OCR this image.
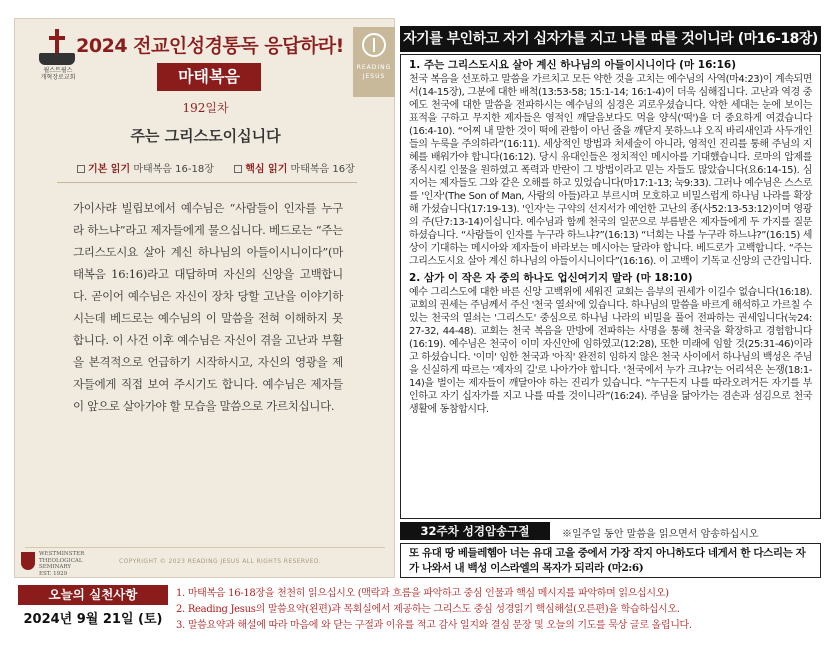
윌스트윌스
개혁장로교회
2024 전교인성경통독 응답하라!
마태복음
192일차
READING
JESUS
주는 그리스도이십니다
기본 읽기 마태복음 16-18장	핵심 읽기 마태복음 16장
가이사랴 빌립보에서 예수님은 “사람들이 인자를 누구라 하느냐”라고 제자들에게 물으십니다. 베드로는 “주는 그리스도시요 살아 계신 하나님의 아들이시니이다”(마태복음 16:16)라고 대답하며 자신의 신앙을 고백합니다. 곧이어 예수님은 자신이 장차 당할 고난을 이야기하시는데 베드로는 예수님의 이 말씀을 전혀 이해하지 못합니다. 이 사건 이후 예수님은 자신이 겪을 고난과 부활을 본격적으로 언급하기 시작하시고, 자신의 영광을 제자들에게 직접 보여 주시기도 합니다. 예수님은 제자들이 앞으로 살아가야 할 모습을 말씀으로 가르치십니다.
WESTMINSTER
THEOLOGICAL
SEMINARY
EST. 1929
COPYRIGHT © 2023 READING JESUS ALL RIGHTS RESERVED.
자기를 부인하고 자기 십자가를 지고 나를 따를 것이니라 (마16-18장)
1. 주는 그리스도시요 살아 계신 하나님의 아들이시니이다 (마 16:16)
천국 복음을 선포하고 말씀을 가르치고 모든 약한 것을 고치는 예수님의 사역(마4:23)이 계속되면서(14-15장), 그분에 대한 배척(13:53-58; 15:1-14; 16:1-4)이 더욱 심해집니다. 고난과 역경 중에도 천국에 대한 말씀을 전파하시는 예수님의 심경은 괴로우셨습니다. 악한 세대는 눈에 보이는 표적을 구하고 무지한 제자들은 영적인 깨달음보다도 먹을 양식('떡')을 더 중요하게 여겼습니다(16:4-10). “어찌 내 말한 것이 떡에 관함이 아닌 줄을 깨닫지 못하느냐 오직 바리새인과 사두개인들의 누룩을 주의하라”(16:11). 세상적인 방법과 처세술이 아니라, 영적인 진리를 통해 주님의 지혜를 배워가야 합니다(16:12). 당시 유대인들은 정치적인 메시아를 기대했습니다. 로마의 압제를 종식시킬 인물을 원하였고 폭력과 반란이 그 방법이라고 믿는 자들도 많았습니다(요6:14-15). 심지어는 제자들도 그와 같은 오해를 하고 있었습니다(마17:1-13; 눅9:33). 그러나 예수님은 스스로를 '인자'(The Son of Man, 사람의 아들)라고 부르시며 모호하고 비밀스럽게 하나님 나라를 확장해 가셨습니다(17:19-13). '인자'는 구약의 선지서가 예언한 고난의 종(사52:13-53:12)이며 영광의 주(단7:13-14)이십니다. 예수님과 함께 천국의 일꾼으로 부름받은 제자들에게 두 가지를 질문하셨습니다. “사람들이 인자를 누구라 하느냐?”(16:13) “너희는 나를 누구라 하느냐?”(16:15) 세상이 기대하는 메시아와 제자들이 바라보는 메시아는 달라야 합니다. 베드로가 고백합니다. “주는 그리스도시요 살아 계신 하나님의 아들이시니이다”(16:16). 이 고백이 기독교 신앙의 근간입니다.
2. 삼가 이 작은 자 중의 하나도 업신여기지 말라 (마 18:10)
예수 그리스도에 대한 바른 신앙 고백위에 세워진 교회는 음부의 권세가 이길수 없습니다(16:18). 교회의 권세는 주님께서 주신 '천국 열쇠'에 있습니다. 하나님의 말씀을 바르게 해석하고 가르칠 수 있는 천국의 열쇠는 '그리스도' 중심으로 하나님 나라의 비밀을 풀어 전파하는 권세입니다(눅24: 27-32, 44-48). 교회는 천국 복음을 만방에 전파하는 사명을 통해 천국을 확장하고 경험합니다(16:19). 예수님은 천국이 이미 자신안에 임하였고(12:28), 또한 미래에 임할 것(25:31-46)이라고 하셨습니다. '이미' 임한 천국과 '아직' 완전히 임하지 않은 천국 사이에서 하나님의 백성은 주님을 신실하게 따르는 '제자의 길'로 나아가야 합니다. '천국에서 누가 크냐?'는 어리석은 논쟁(18:1-14)을 벌이는 제자들이 깨달아야 하는 진리가 있습니다. “누구든지 나를 따라오려거든 자기를 부인하고 자기 십자가를 지고 나를 따를 것이니라”(16:24). 주님을 닮아가는 겸손과 섬김으로 천국 생활에 동참합시다.
32주차 성경암송구절	※일주일 동안 말씀을 읽으면서 암송하십시오
또 유대 땅 베들레헴아 너는 유대 고을 중에서 가장 작지 아니하도다 네게서 한 다스리는 자가 나와서 내 백성 이스라엘의 목자가 되리라 (마2:6)
오늘의 실천사항
2024년 9월 21일 (토)
1. 마태복음 16-18장을 천천히 읽으십시오 (맥락과 흐름을 파악하고 중심 인물과 핵심 메시지를 파악하며 읽으십시오)
2. Reading Jesus의 말씀요약(왼편)과 목회실에서 제공하는 그리스도 중심 성경읽기 핵심해설(오른편)을 학습하십시오.
3. 말씀요약과 해설에 따라 마음에 와 닫는 구절과 이유를 적고 감사 일지와 결심 문장 및 오늘의 기도를 묵상 글로 올립니다.
